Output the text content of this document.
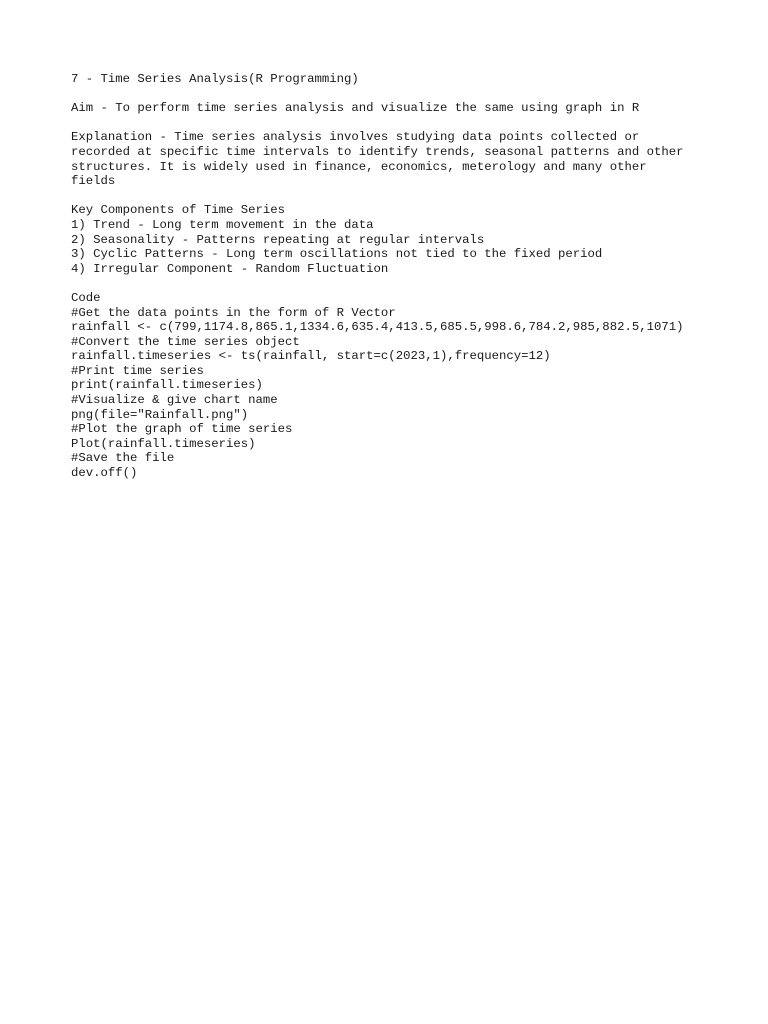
7 - Time Series Analysis(R Programming)
Aim - To perform time series analysis and visualize the same using graph in R
Explanation - Time series analysis involves studying data points collected or
recorded at specific time intervals to identify trends, seasonal patterns and other
structures. It is widely used in finance, economics, meterology and many other
fields
Key Components of Time Series
1) Trend - Long term movement in the data
2) Seasonality - Patterns repeating at regular intervals
3) Cyclic Patterns - Long term oscillations not tied to the fixed period
4) Irregular Component - Random Fluctuation
Code
#Get the data points in the form of R Vector
rainfall <- c(799,1174.8,865.1,1334.6,635.4,413.5,685.5,998.6,784.2,985,882.5,1071)
#Convert the time series object
rainfall.timeseries <- ts(rainfall, start=c(2023,1),frequency=12)
#Print time series
print(rainfall.timeseries)
#Visualize & give chart name
png(file="Rainfall.png")
#Plot the graph of time series
Plot(rainfall.timeseries)
#Save the file
dev.off()
